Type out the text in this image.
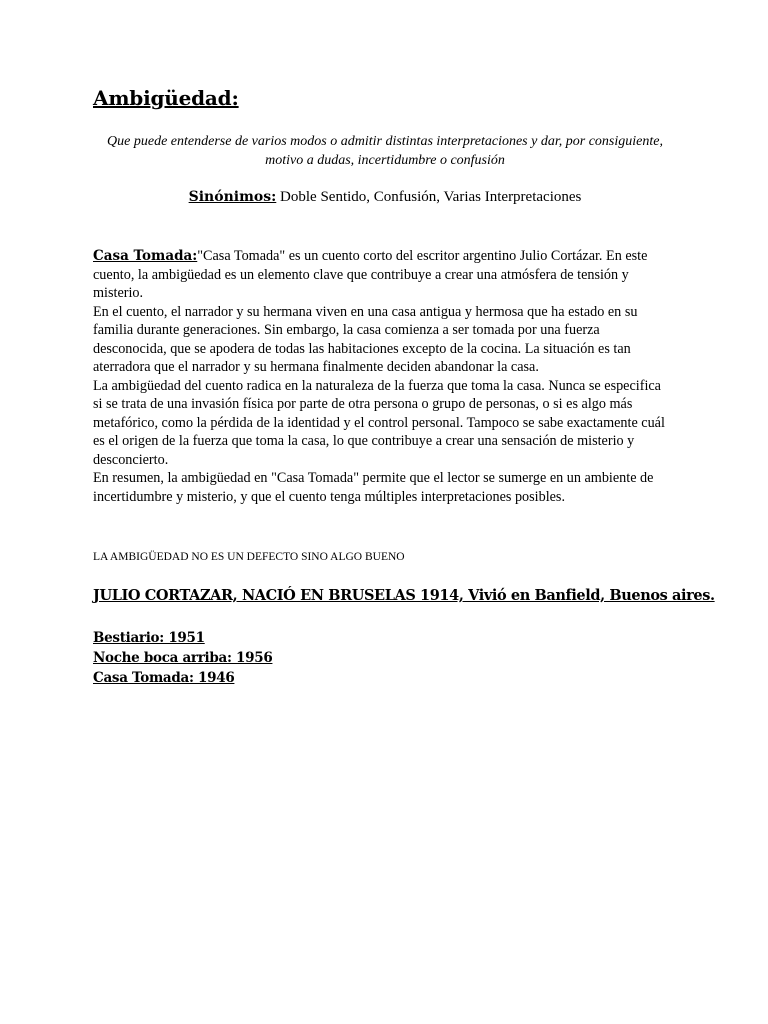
Ambigüedad:
Que puede entenderse de varios modos o admitir distintas interpretaciones y dar, por consiguiente, motivo a dudas, incertidumbre o confusión
Sinónimos: Doble Sentido, Confusión, Varias Interpretaciones

Casa Tomada:"Casa Tomada" es un cuento corto del escritor argentino Julio Cortázar. En este cuento, la ambigüedad es un elemento clave que contribuye a crear una atmósfera de tensión y misterio.

En el cuento, el narrador y su hermana viven en una casa antigua y hermosa que ha estado en su familia durante generaciones. Sin embargo, la casa comienza a ser tomada por una fuerza desconocida, que se apodera de todas las habitaciones excepto de la cocina. La situación es tan aterradora que el narrador y su hermana finalmente deciden abandonar la casa.

La ambigüedad del cuento radica en la naturaleza de la fuerza que toma la casa. Nunca se especifica si se trata de una invasión física por parte de otra persona o grupo de personas, o si es algo más metafórico, como la pérdida de la identidad y el control personal. Tampoco se sabe exactamente cuál es el origen de la fuerza que toma la casa, lo que contribuye a crear una sensación de misterio y desconcierto.

En resumen, la ambigüedad en "Casa Tomada" permite que el lector se sumerge en un ambiente de incertidumbre y misterio, y que el cuento tenga múltiples interpretaciones posibles.

LA AMBIGÜEDAD NO ES UN DEFECTO SINO ALGO BUENO
JULIO CORTAZAR, NACIÓ EN BRUSELAS 1914, Vivió en Banfield, Buenos aires.
Bestiario: 1951
Noche boca arriba: 1956
Casa Tomada: 1946
